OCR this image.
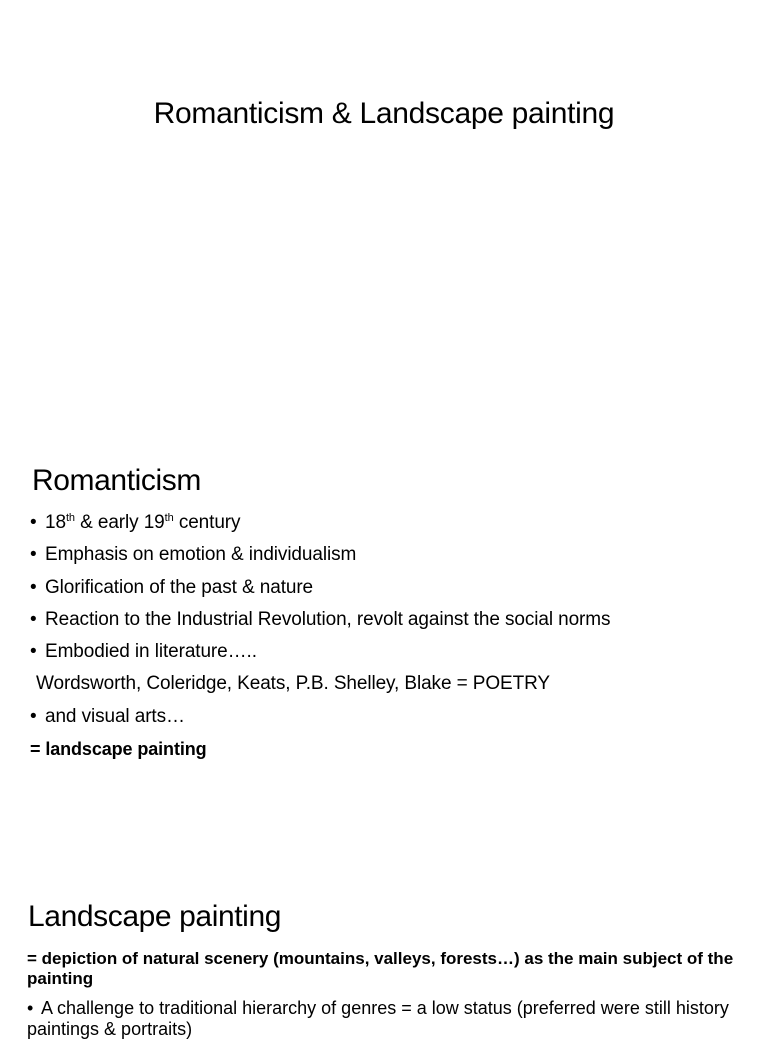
Romanticism & Landscape painting
Romanticism
• 18th & early 19th century
• Emphasis on emotion & individualism
• Glorification of the past & nature
• Reaction to the Industrial Revolution, revolt against the social norms
• Embodied in literature…..
Wordsworth, Coleridge, Keats, P.B. Shelley, Blake = POETRY
• and visual arts…
= landscape painting
Landscape painting
= depiction of natural scenery (mountains, valleys, forests…) as the main subject of the painting
• A challenge to traditional hierarchy of genres = a low status (preferred were still history paintings & portraits)
